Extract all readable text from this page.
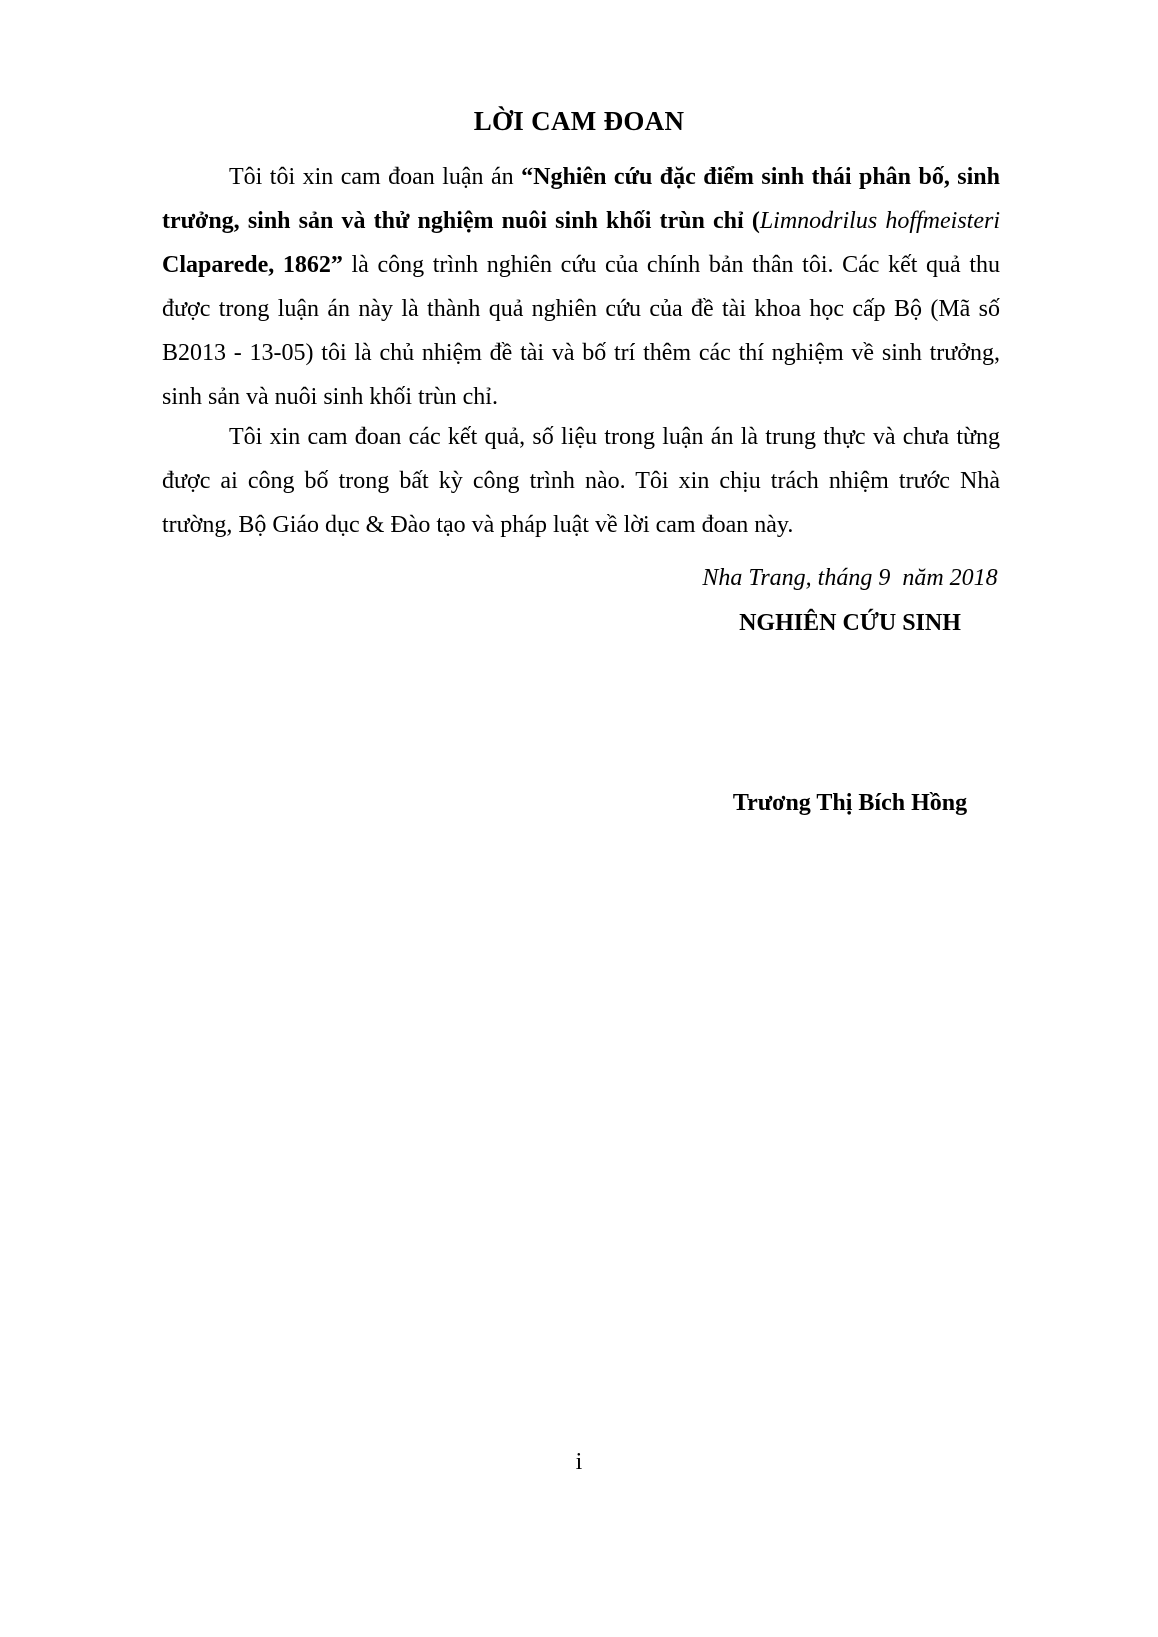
LỜI CAM ĐOAN

Tôi tôi xin cam đoan luận án “Nghiên cứu đặc điểm sinh thái phân bố, sinh trưởng, sinh sản và thử nghiệm nuôi sinh khối trùn chỉ (Limnodrilus hoffmeisteri Claparede, 1862” là công trình nghiên cứu của chính bản thân tôi. Các kết quả thu được trong luận án này là thành quả nghiên cứu của đề tài khoa học cấp Bộ (Mã số B2013 - 13-05) tôi là chủ nhiệm đề tài và bố trí thêm các thí nghiệm về sinh trưởng, sinh sản và nuôi sinh khối trùn chỉ.

Tôi xin cam đoan các kết quả, số liệu trong luận án là trung thực và chưa từng được ai công bố trong bất kỳ công trình nào. Tôi xin chịu trách nhiệm trước Nhà trường, Bộ Giáo dục & Đào tạo và pháp luật về lời cam đoan này.

Nha Trang, tháng 9  năm 2018
NGHIÊN CỨU SINH
Trương Thị Bích Hồng
i
